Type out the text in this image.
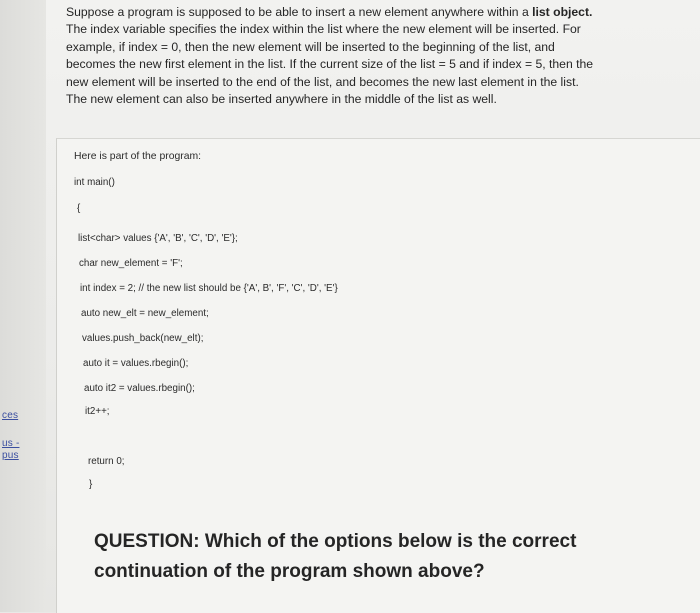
ces
us -
pus
Suppose a program is supposed to be able to insert a new element anywhere within a list object. The index variable specifies the index within the list where the new element will be inserted. For example, if index = 0, then the new element will be inserted to the beginning of the list, and becomes the new first element in the list. If the current size of the list = 5 and if index = 5, then the new element will be inserted to the end of the list, and becomes the new last element in the list. The new element can also be inserted anywhere in the middle of the list as well.
Here is part of the program:
int main()
{
list<char> values {'A', 'B', 'C', 'D', 'E'};
char new_element = 'F';
int index = 2; // the new list should be {'A', B', 'F', 'C', 'D', 'E'}
auto new_elt = new_element;
values.push_back(new_elt);
auto it = values.rbegin();
auto it2 = values.rbegin();
it2++;
return 0;
}
QUESTION: Which of the options below is the correct continuation of the program shown above?
